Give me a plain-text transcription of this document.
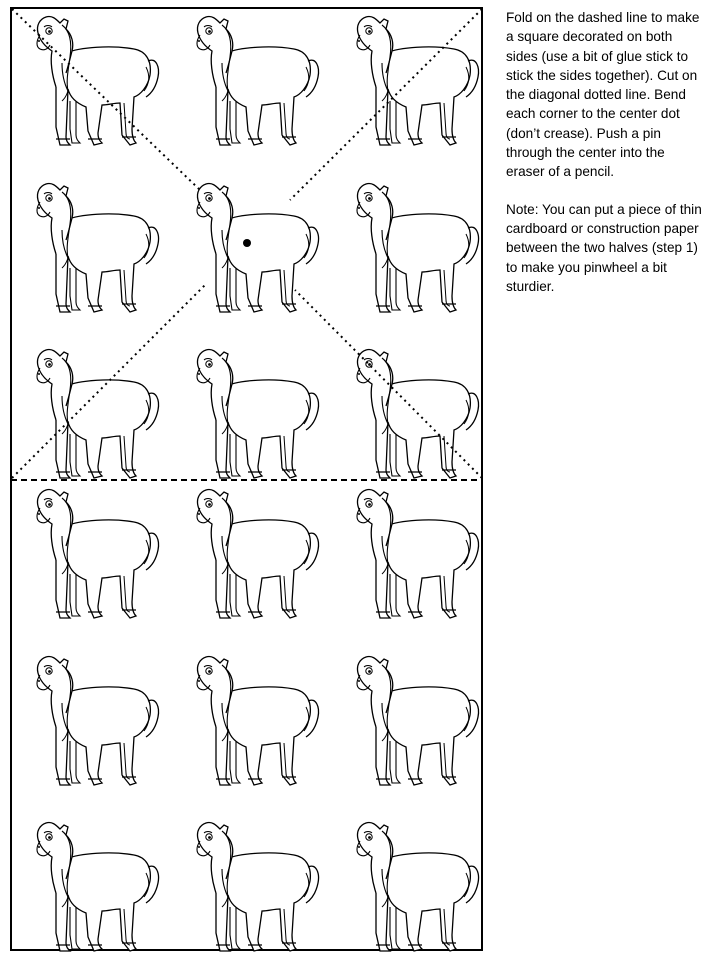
Fold on the dashed line to make a square decorated on both sides (use a bit of glue stick to stick the sides together). Cut on the diagonal dotted line. Bend each corner to the center dot (don’t crease). Push a pin through the center into the eraser of a pencil.

Note: You can put a piece of thin cardboard or construction paper between the two halves (step 1) to make you pinwheel a bit sturdier.
